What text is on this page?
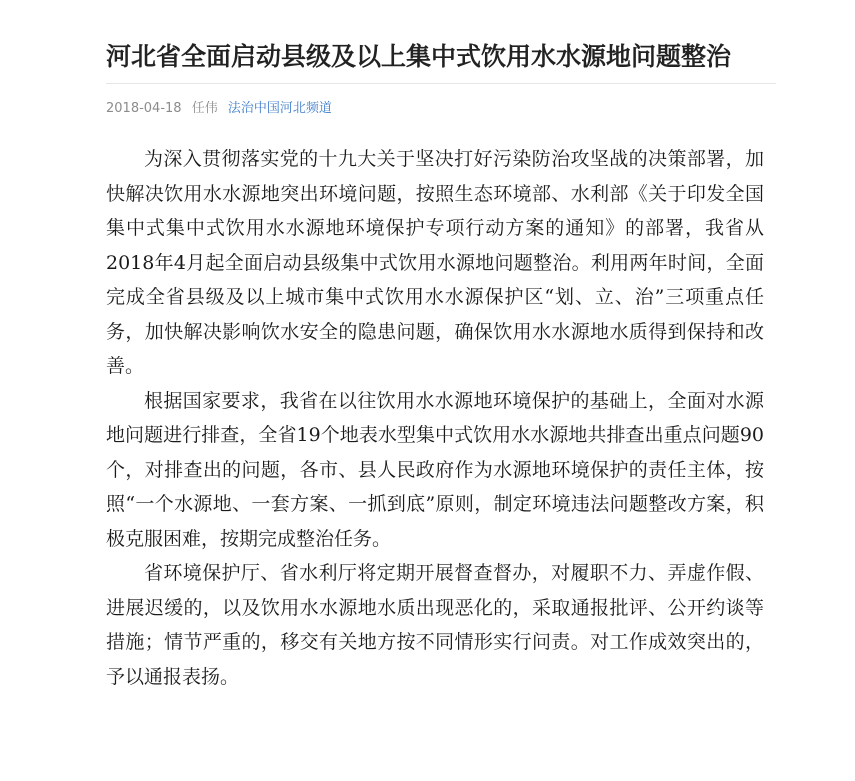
河北省全面启动县级及以上集中式饮用水水源地问题整治
2018-04-18 任伟 法治中国河北频道

为深入贯彻落实党的十九大关于坚决打好污染防治攻坚战的决策部署，加快解决饮用水水源地突出环境问题，按照生态环境部、水利部《关于印发全国集中式集中式饮用水水源地环境保护专项行动方案的通知》的部署，我省从2018年4月起全面启动县级集中式饮用水源地问题整治。利用两年时间，全面完成全省县级及以上城市集中式饮用水水源保护区“划、立、治”三项重点任务，加快解决影响饮水安全的隐患问题，确保饮用水水源地水质得到保持和改善。

根据国家要求，我省在以往饮用水水源地环境保护的基础上，全面对水源地问题进行排查，全省19个地表水型集中式饮用水水源地共排查出重点问题90个，对排查出的问题，各市、县人民政府作为水源地环境保护的责任主体，按照“一个水源地、一套方案、一抓到底”原则，制定环境违法问题整改方案，积极克服困难，按期完成整治任务。

省环境保护厅、省水利厅将定期开展督查督办，对履职不力、弄虚作假、进展迟缓的，以及饮用水水源地水质出现恶化的，采取通报批评、公开约谈等措施；情节严重的，移交有关地方按不同情形实行问责。对工作成效突出的，予以通报表扬。
